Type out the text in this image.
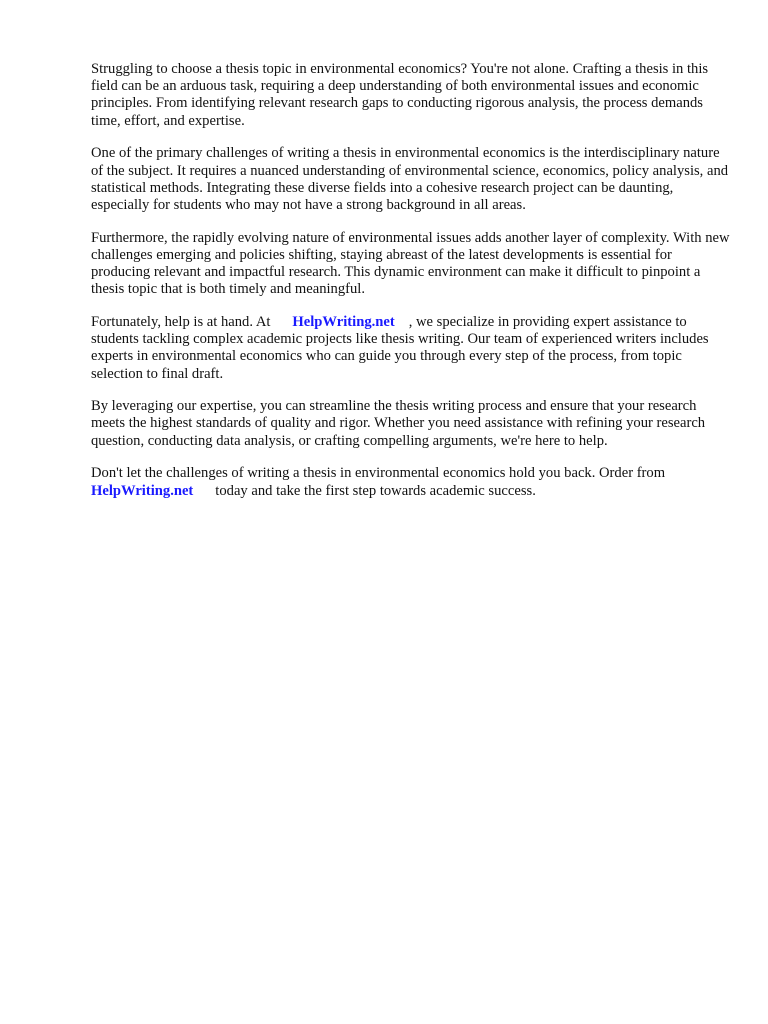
Struggling to choose a thesis topic in environmental economics? You're not alone. Crafting a thesis in this field can be an arduous task, requiring a deep understanding of both environmental issues and economic principles. From identifying relevant research gaps to conducting rigorous analysis, the process demands time, effort, and expertise.

One of the primary challenges of writing a thesis in environmental economics is the interdisciplinary nature of the subject. It requires a nuanced understanding of environmental science, economics, policy analysis, and statistical methods. Integrating these diverse fields into a cohesive research project can be daunting, especially for students who may not have a strong background in all areas.

Furthermore, the rapidly evolving nature of environmental issues adds another layer of complexity. With new challenges emerging and policies shifting, staying abreast of the latest developments is essential for producing relevant and impactful research. This dynamic environment can make it difficult to pinpoint a thesis topic that is both timely and meaningful.

Fortunately, help is at hand. At HelpWriting.net , we specialize in providing expert assistance to students tackling complex academic projects like thesis writing. Our team of experienced writers includes experts in environmental economics who can guide you through every step of the process, from topic selection to final draft.

By leveraging our expertise, you can streamline the thesis writing process and ensure that your research meets the highest standards of quality and rigor. Whether you need assistance with refining your research question, conducting data analysis, or crafting compelling arguments, we're here to help.

Don't let the challenges of writing a thesis in environmental economics hold you back. Order from
HelpWriting.net today and take the first step towards academic success.
